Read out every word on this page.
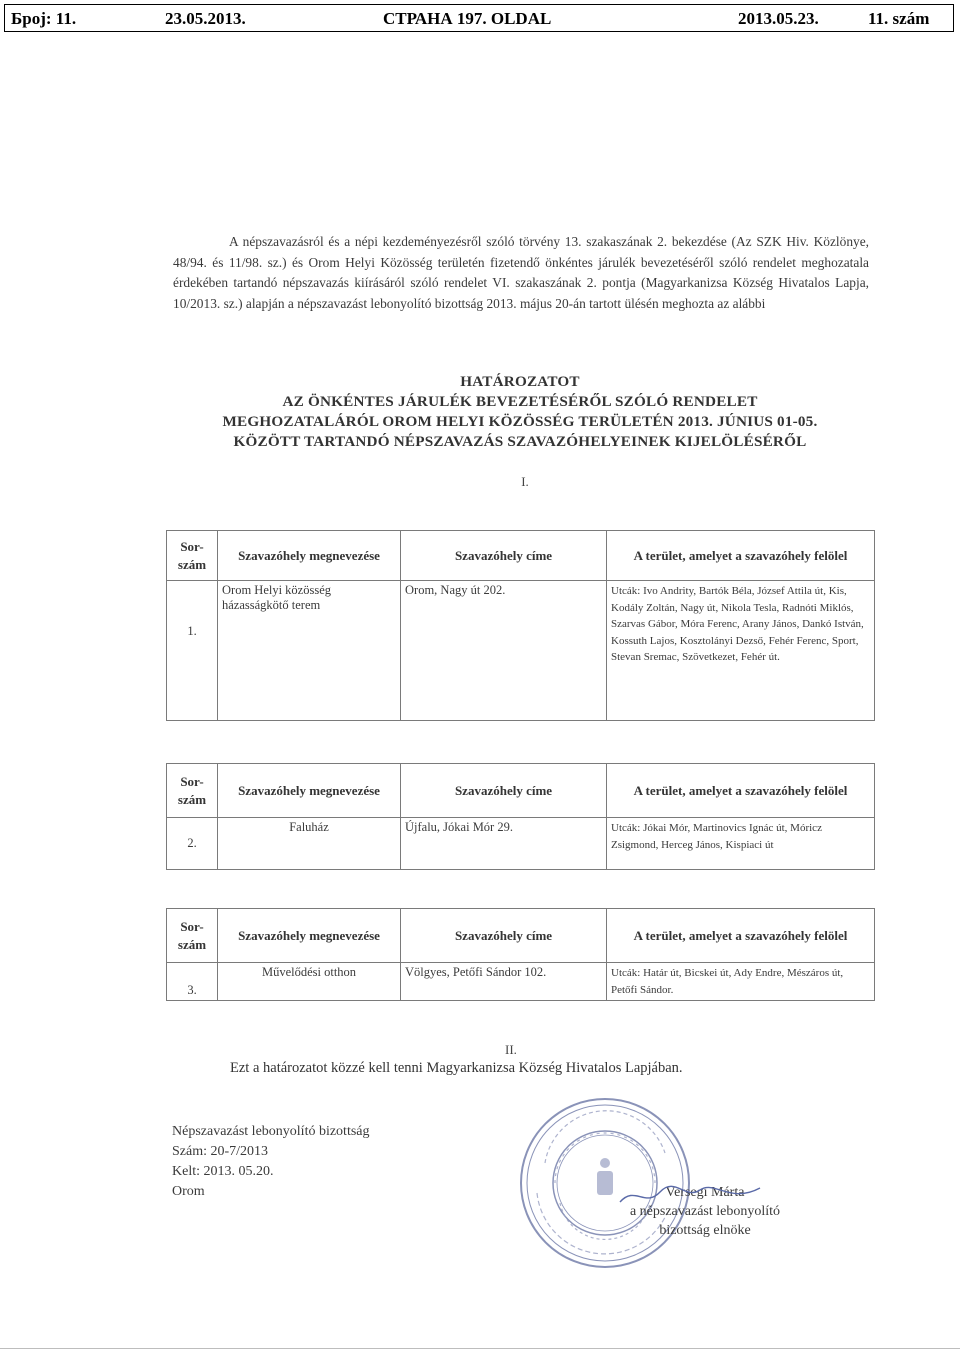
Број: 11.	23.05.2013.	СТРАНА 197. OLDAL	2013.05.23.	11. szám

A népszavazásról és a népi kezdeményezésről szóló törvény 13. szakaszának 2. bekezdése (Az SZK Hiv. Közlönye, 48/94. és 11/98. sz.) és Orom Helyi Közösség területén fizetendő önkéntes járulék bevezetéséről szóló rendelet meghozatala érdekében tartandó népszavazás kiírásáról szóló rendelet VI. szakaszának 2. pontja (Magyarkanizsa Község Hivatalos Lapja, 10/2013. sz.) alapján a népszavazást lebonyolító bizottság 2013. május 20-án tartott ülésén meghozta az alábbi

HATÁROZATOT
AZ ÖNKÉNTES JÁRULÉK BEVEZETÉSÉRŐL SZÓLÓ RENDELET
MEGHOZATALÁRÓL OROM HELYI KÖZÖSSÉG TERÜLETÉN 2013. JÚNIUS 01-05.
KÖZÖTT TARTANDÓ NÉPSZAVAZÁS SZAVAZÓHELYEINEK KIJELÖLÉSÉRŐL
I.
Sor-szám	Szavazóhely megnevezése	Szavazóhely címe	A terület, amelyet a szavazóhely felölel
1.	Orom Helyi közösség házasságkötő terem	Orom, Nagy út 202.	Utcák: Ivo Andrity, Bartók Béla, József Attila út, Kis, Kodály Zoltán, Nagy út, Nikola Tesla, Radnóti Miklós, Szarvas Gábor, Móra Ferenc, Arany János, Dankó István, Kossuth Lajos, Kosztolányi Dezső, Fehér Ferenc, Sport, Stevan Sremac, Szövetkezet, Fehér út.
Sor-szám	Szavazóhely megnevezése	Szavazóhely címe	A terület, amelyet a szavazóhely felölel
2.	Faluház	Újfalu, Jókai Mór 29.	Utcák: Jókai Mór, Martinovics Ignác út, Móricz Zsigmond, Herceg János, Kispiaci út
Sor-szám	Szavazóhely megnevezése	Szavazóhely címe	A terület, amelyet a szavazóhely felölel
3.	Művelődési otthon	Völgyes, Petőfi Sándor 102.	Utcák: Határ út, Bicskei út, Ady Endre, Mészáros út, Petőfi Sándor.
II.
Ezt a határozatot közzé kell tenni Magyarkanizsa Község Hivatalos Lapjában.
Népszavazást lebonyolító bizottság
Szám: 20-7/2013
Kelt: 2013. 05.20.
Orom	Versegi Márta
a népszavazást lebonyolító
bizottság elnöke
